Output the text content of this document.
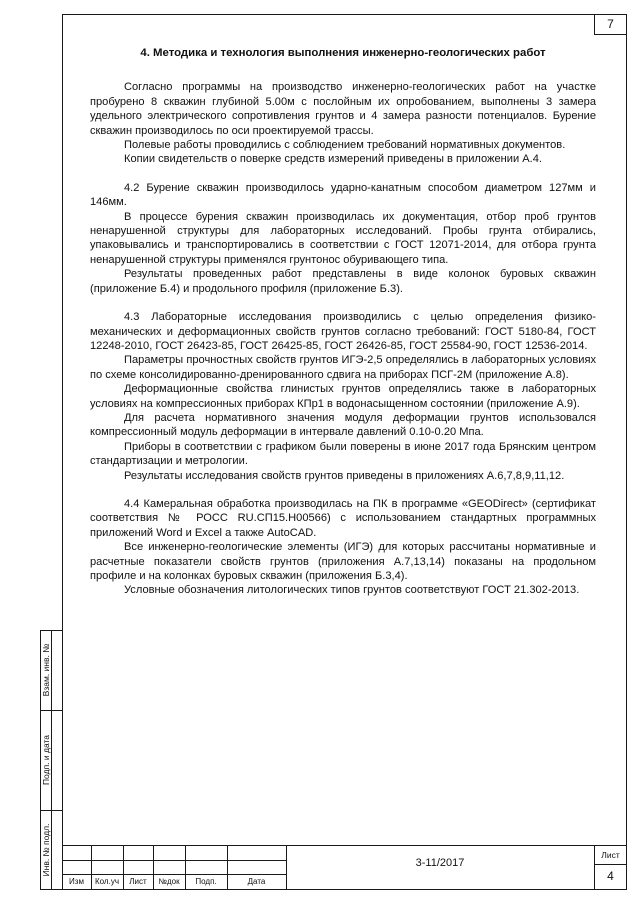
7
Взам. инв. №
Подп. и дата
Инв. № подл.
4. Методика и технология выполнения инженерно-геологических работ

Согласно программы на производство инженерно-геологических работ на участке пробурено 8 скважин глубиной 5.00м с послойным их опробованием, выполнены 3 замера удельного электрического сопротивления грунтов и 4 замера разности потенциалов. Бурение скважин производилось по оси проектируемой трассы.

Полевые работы проводились с соблюдением требований нормативных документов.

Копии свидетельств о поверке средств измерений приведены в приложении А.4.

4.2 Бурение скважин производилось ударно-канатным способом диаметром 127мм и 146мм.

В процессе бурения скважин производилась их документация, отбор проб грунтов ненарушенной структуры для лабораторных исследований. Пробы грунта отбирались, упаковывались и транспортировались в соответствии с ГОСТ 12071-2014, для отбора грунта ненарушенной структуры применялся грунтонос обуривающего типа.

Результаты проведенных работ представлены в виде колонок буровых скважин (приложение Б.4) и продольного профиля (приложение Б.3).

4.3 Лабораторные исследования производились с целью определения физико-механических и деформационных свойств грунтов согласно требований: ГОСТ 5180-84, ГОСТ 12248-2010, ГОСТ 26423-85, ГОСТ 26425-85, ГОСТ 26426-85, ГОСТ 25584-90, ГОСТ 12536-2014.

Параметры прочностных свойств грунтов ИГЭ-2,5 определялись в лабораторных условиях по схеме консолидированно-дренированного сдвига на приборах ПСГ-2М (приложение А.8).

Деформационные свойства глинистых грунтов определялись также в лабораторных условиях на компрессионных приборах КПр1 в водонасыщенном состоянии (приложение А.9).

Для расчета нормативного значения модуля деформации грунтов использовался компрессионный модуль деформации в интервале давлений 0.10-0.20 Мпа.

Приборы в соответствии с графиком были поверены в июне 2017 года Брянским центром стандартизации и метрологии.

Результаты исследования свойств грунтов приведены в приложениях А.6,7,8,9,11,12.

4.4 Камеральная обработка производилась на ПК в программе «GEODirect» (сертификат соответствия № РОСС RU.СП15.Н00566) с использованием стандартных программных приложений Word и Excel а также AutoCAD.

Все инженерно-геологические элементы (ИГЭ) для которых рассчитаны нормативные и расчетные показатели свойств грунтов (приложения А.7,13,14) показаны на продольном профиле и на колонках буровых скважин (приложения Б.3,4).

Условные обозначения литологических типов грунтов соответствуют ГОСТ 21.302-2013.

Изм	Кол.уч	Лист	№док	Подп.	Дата
3-11/2017
Лист
4
